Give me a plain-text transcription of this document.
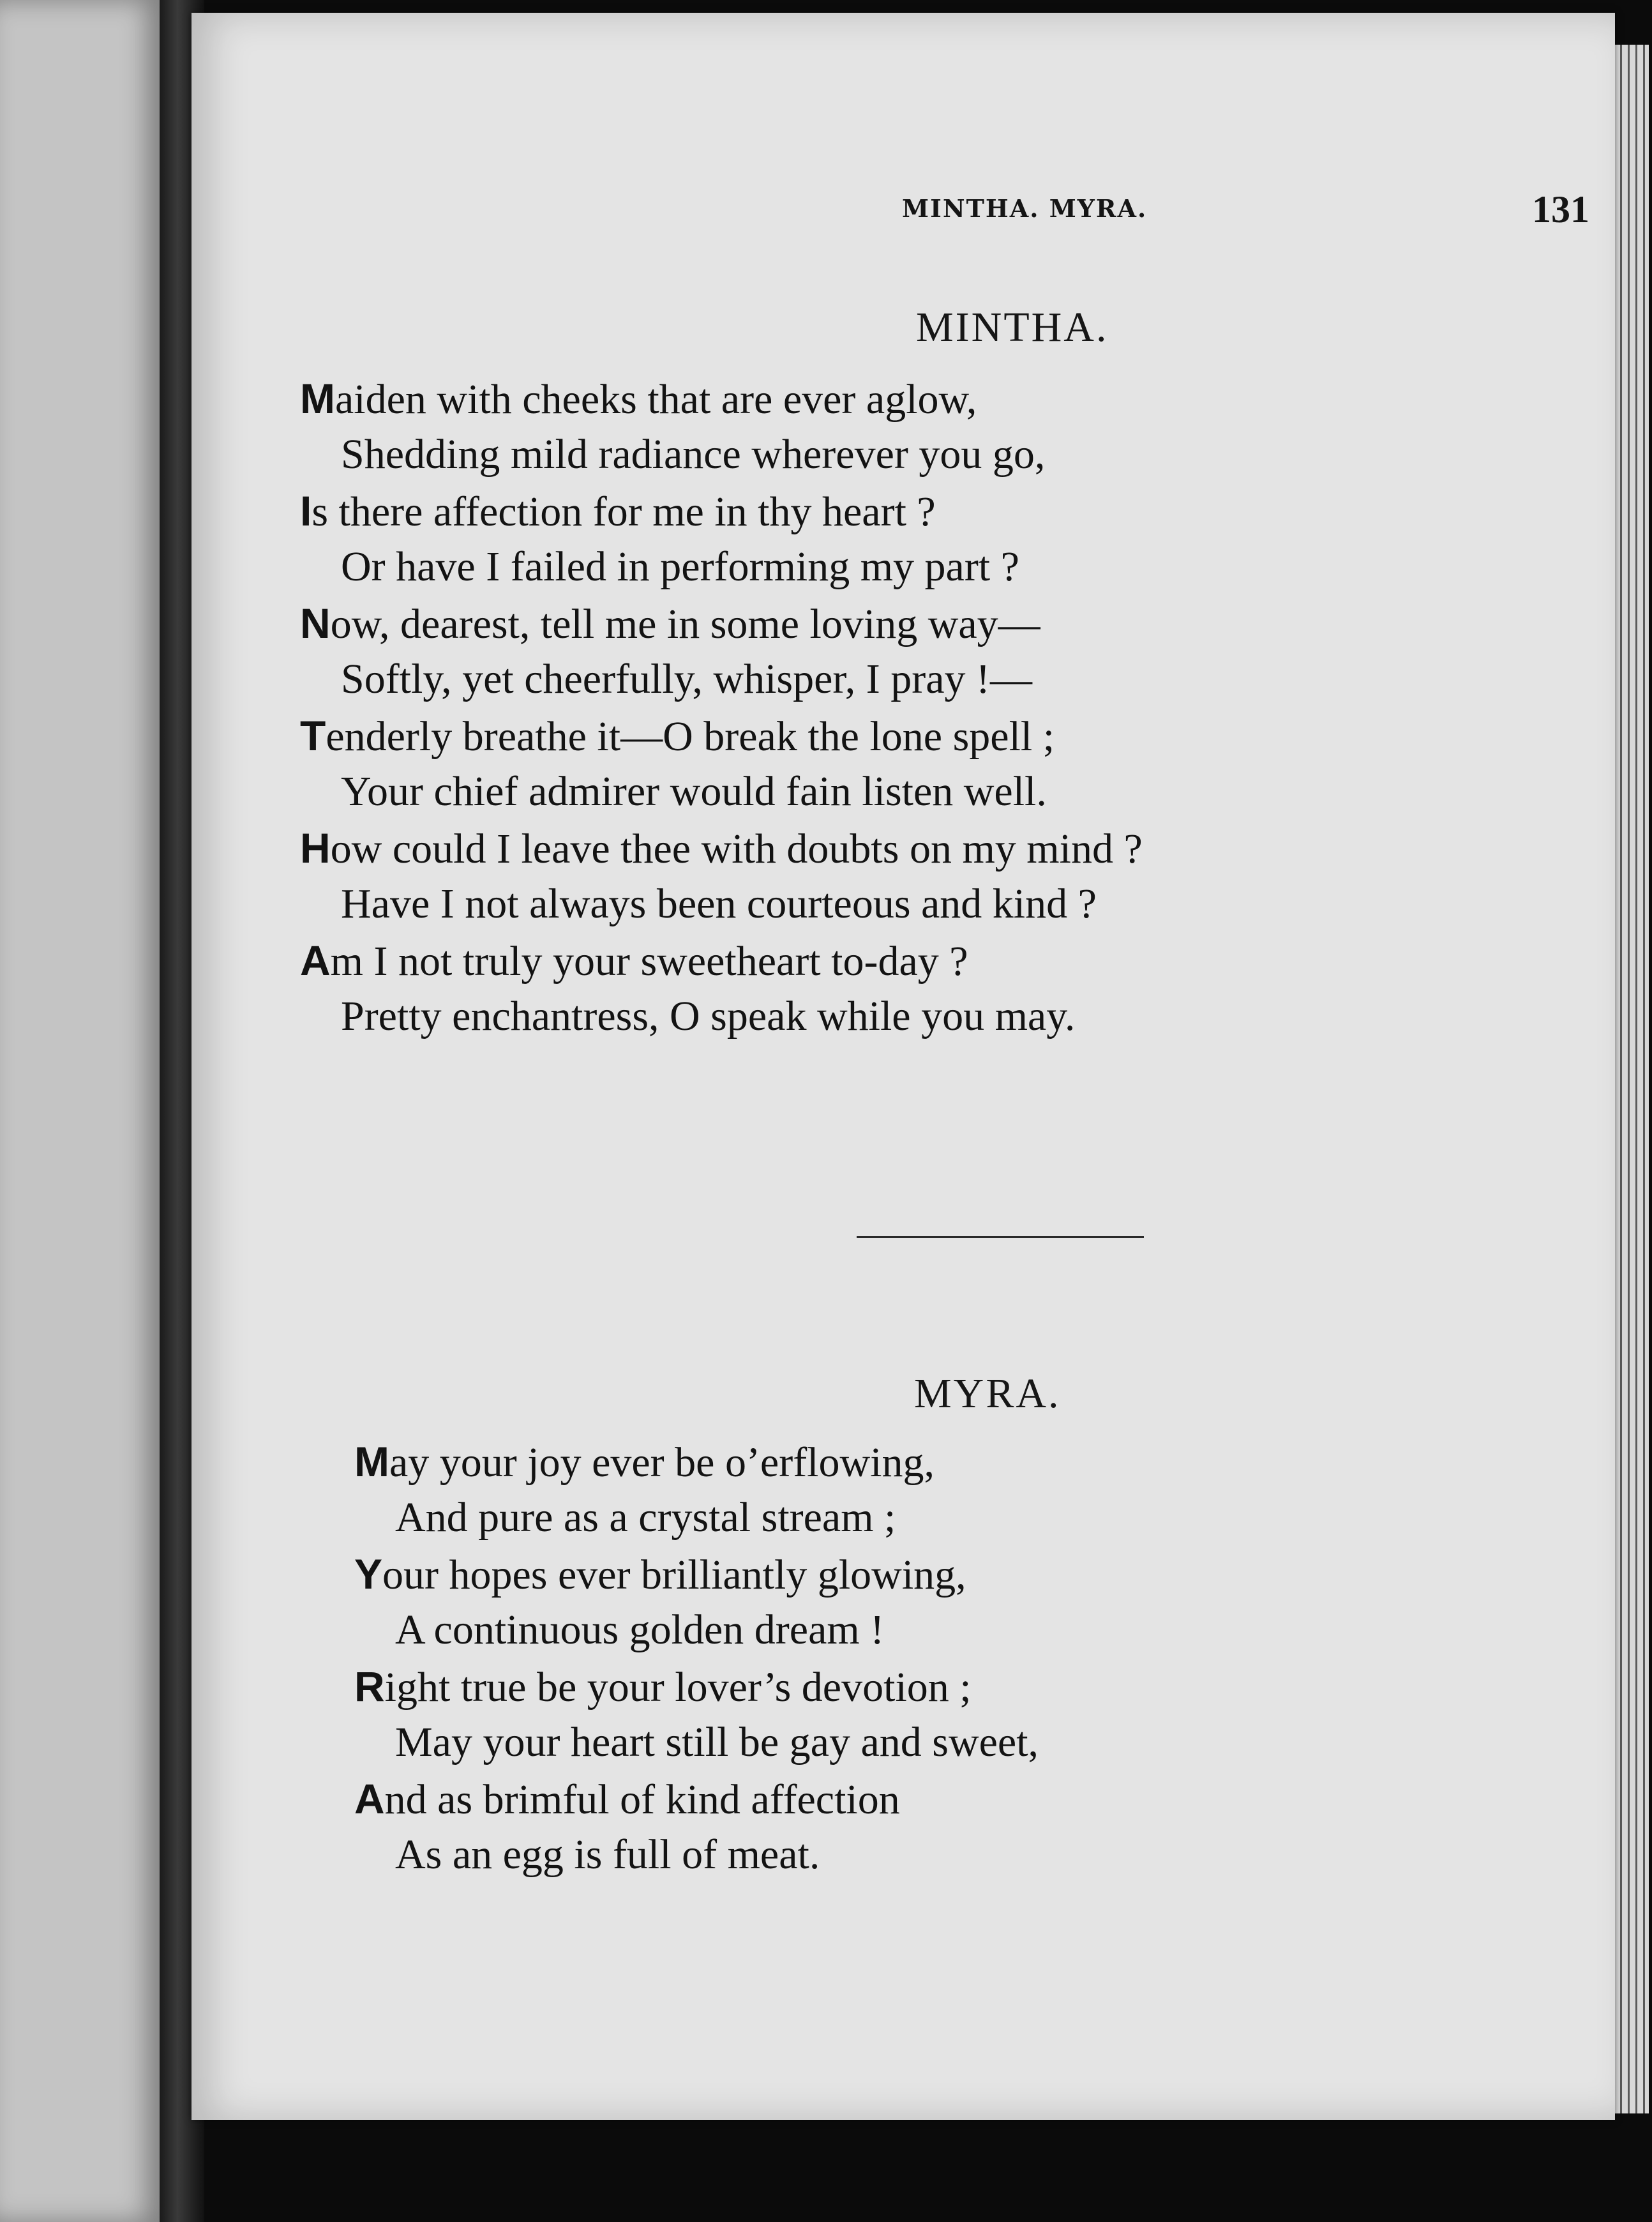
MINTHA. MYRA.	131
MINTHA.
Maiden with cheeks that are ever aglow,
Shedding mild radiance wherever you go,
Is there affection for me in thy heart ?
Or have I failed in performing my part ?
Now, dearest, tell me in some loving way—
Softly, yet cheerfully, whisper, I pray !—
Tenderly breathe it—O break the lone spell ;
Your chief admirer would fain listen well.
How could I leave thee with doubts on my mind ?
Have I not always been courteous and kind ?
Am I not truly your sweetheart to-day ?
Pretty enchantress, O speak while you may.
MYRA.
May your joy ever be o’erflowing,
And pure as a crystal stream ;
Your hopes ever brilliantly glowing,
A continuous golden dream !
Right true be your lover’s devotion ;
May your heart still be gay and sweet,
And as brimful of kind affection
As an egg is full of meat.
